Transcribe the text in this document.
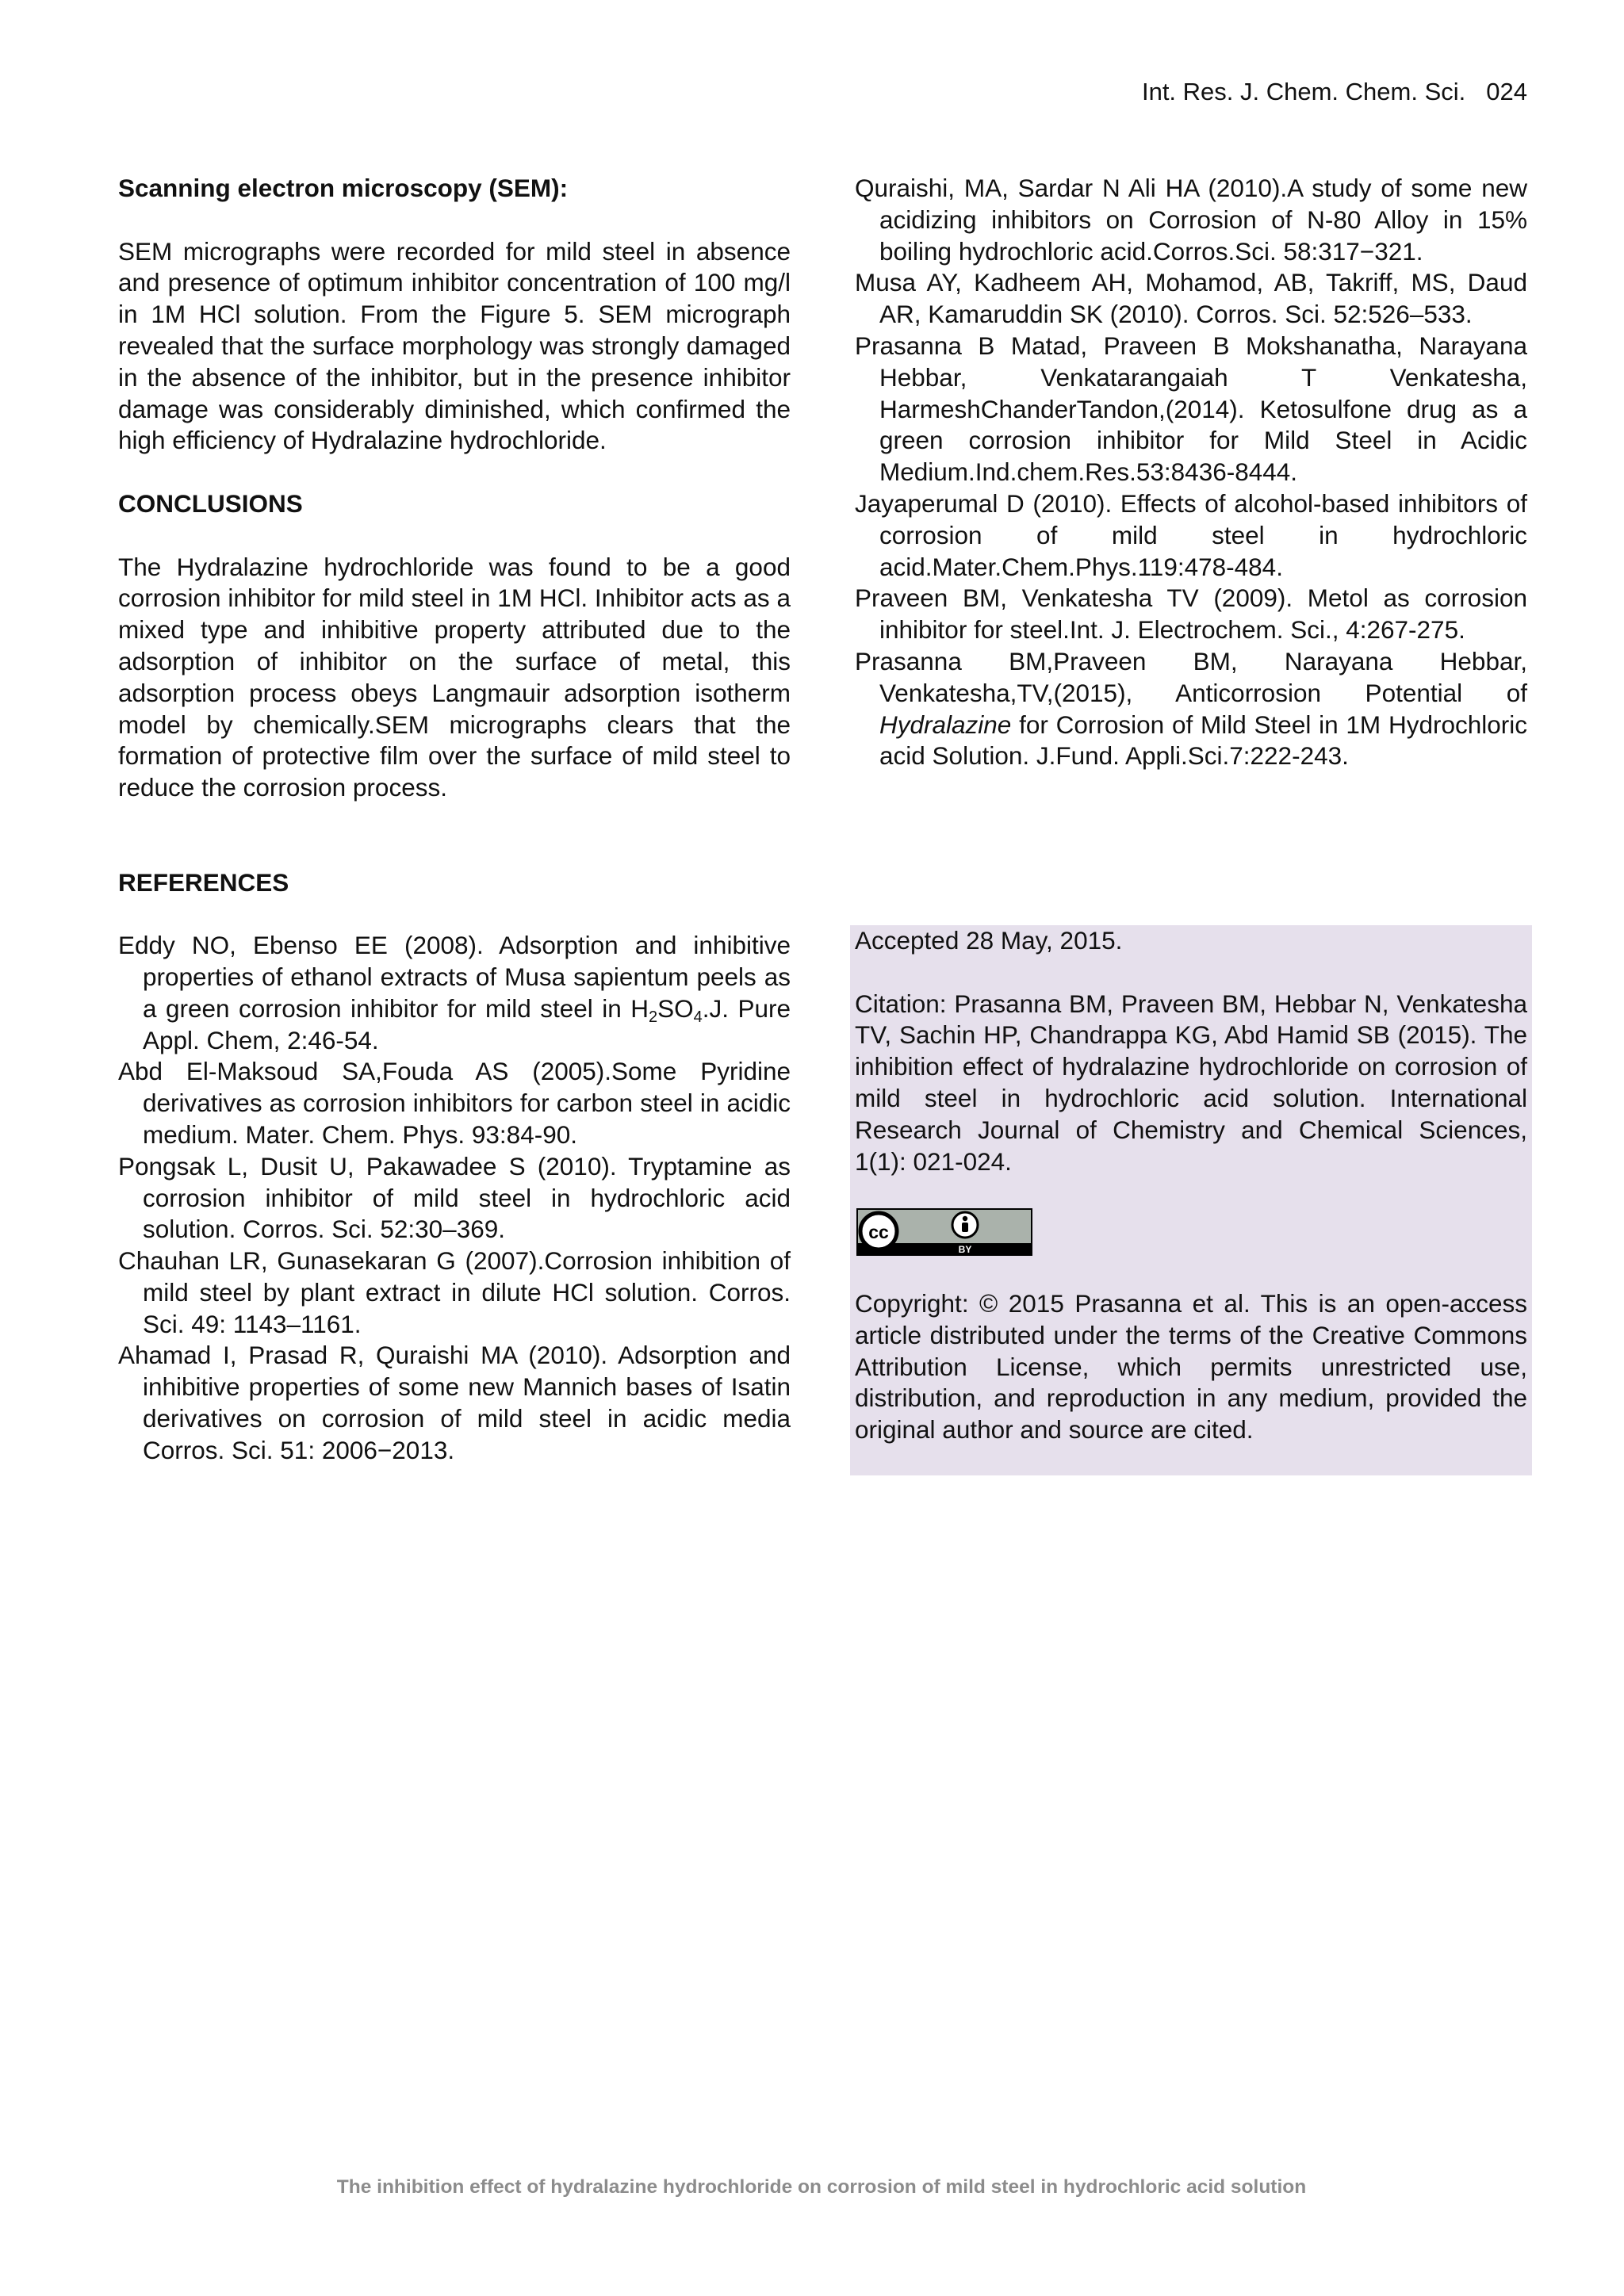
Int. Res. J. Chem. Chem. Sci. 024

Scanning electron microscopy (SEM):

SEM micrographs were recorded for mild steel in absence and presence of optimum inhibitor concentration of 100 mg/l in 1M HCl solution. From the Figure 5. SEM micrograph revealed that the surface morphology was strongly damaged in the absence of the inhibitor, but in the presence inhibitor damage was considerably diminished, which confirmed the high efficiency of Hydralazine hydrochloride.

CONCLUSIONS

The Hydralazine hydrochloride was found to be a good corrosion inhibitor for mild steel in 1M HCl. Inhibitor acts as a mixed type and inhibitive property attributed due to the adsorption of inhibitor on the surface of metal, this adsorption process obeys Langmauir adsorption isotherm model by chemically.SEM micrographs clears that the formation of protective film over the surface of mild steel to reduce the corrosion process.

REFERENCES

Eddy NO, Ebenso EE (2008). Adsorption and inhibitive properties of ethanol extracts of Musa sapientum peels as a green corrosion inhibitor for mild steel in $H_2SO_4.J$. Pure Appl. Chem, 2:46-54.

Abd El-Maksoud SA,Fouda AS (2005).Some Pyridine derivatives as corrosion inhibitors for carbon steel in acidic medium. Mater. Chem. Phys. 93:84-90.

Pongsak L, Dusit U, Pakawadee S (2010). Tryptamine as corrosion inhibitor of mild steel in hydrochloric acid solution. Corros. Sci. 52:30–369.

Chauhan LR, Gunasekaran G (2007).Corrosion inhibition of mild steel by plant extract in dilute HCl solution. Corros. Sci. 49: 1143–1161.

Ahamad I, Prasad R, Quraishi MA (2010). Adsorption and inhibitive properties of some new Mannich bases of Isatin derivatives on corrosion of mild steel in acidic media Corros. Sci. 51: 2006−2013.

Quraishi, MA, Sardar N Ali HA (2010).A study of some new acidizing inhibitors on Corrosion of N-80 Alloy in 15% boiling hydrochloric acid.Corros.Sci. 58:317−321.

Musa AY, Kadheem AH, Mohamod, AB, Takriff, MS, Daud AR, Kamaruddin SK (2010). Corros. Sci. 52:526–533.

Prasanna B Matad, Praveen B Mokshanatha, Narayana Hebbar, Venkatarangaiah T Venkatesha, HarmeshChanderTandon,(2014). Ketosulfone drug as a green corrosion inhibitor for Mild Steel in Acidic Medium.Ind.chem.Res.53:8436-8444.

Jayaperumal D (2010). Effects of alcohol-based inhibitors of corrosion of mild steel in hydrochloric acid.Mater.Chem.Phys.119:478-484.

Praveen BM, Venkatesha TV (2009). Metol as corrosion inhibitor for steel.Int. J. Electrochem. Sci., 4:267-275.

Prasanna BM,Praveen BM, Narayana Hebbar, Venkatesha,TV,(2015), Anticorrosion Potential of Hydralazine for Corrosion of Mild Steel in 1M Hydrochloric acid Solution. J.Fund. Appli.Sci.7:222-243.

Accepted 28 May, 2015.

Citation: Prasanna BM, Praveen BM, Hebbar N, Venkatesha TV, Sachin HP, Chandrappa KG, Abd Hamid SB (2015). The inhibition effect of hydralazine hydrochloride on corrosion of mild steel in hydrochloric acid solution. International Research Journal of Chemistry and Chemical Sciences, 1(1): 021-024.

cc
BY

Copyright: © 2015 Prasanna et al. This is an open-access article distributed under the terms of the Creative Commons Attribution License, which permits unrestricted use, distribution, and reproduction in any medium, provided the original author and source are cited.

The inhibition effect of hydralazine hydrochloride on corrosion of mild steel in hydrochloric acid solution
